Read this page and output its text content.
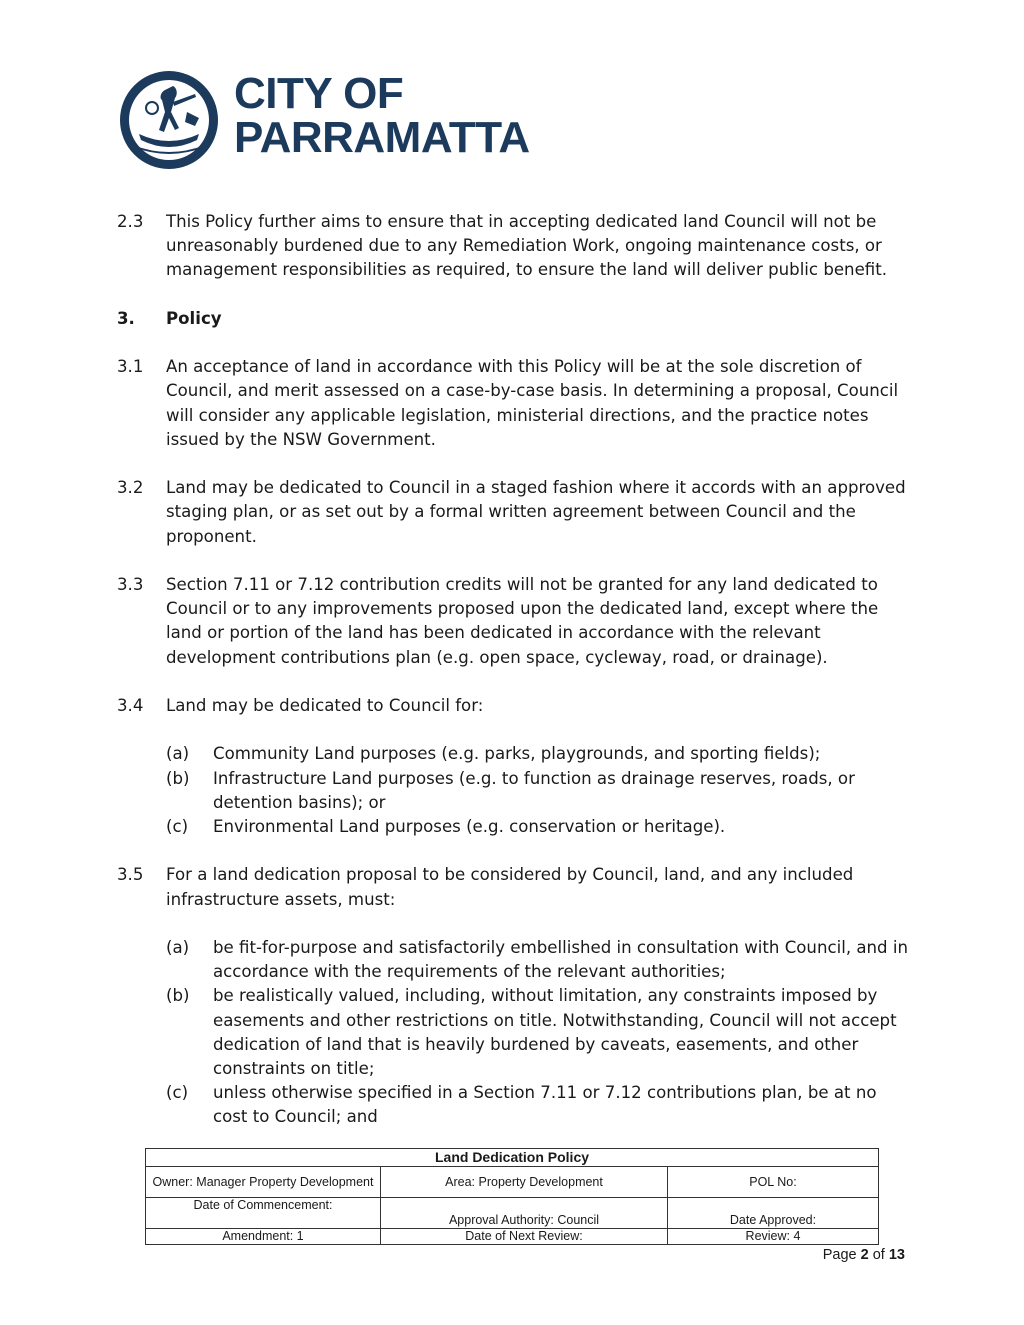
CITY OF
PARRAMATTA
2.3 This Policy further aims to ensure that in accepting dedicated land Council will not be unreasonably burdened due to any Remediation Work, ongoing maintenance costs, or management responsibilities as required, to ensure the land will deliver public benefit.
3. Policy
3.1 An acceptance of land in accordance with this Policy will be at the sole discretion of Council, and merit assessed on a case-by-case basis. In determining a proposal, Council will consider any applicable legislation, ministerial directions, and the practice notes issued by the NSW Government.
3.2 Land may be dedicated to Council in a staged fashion where it accords with an approved staging plan, or as set out by a formal written agreement between Council and the proponent.
3.3 Section 7.11 or 7.12 contribution credits will not be granted for any land dedicated to Council or to any improvements proposed upon the dedicated land, except where the land or portion of the land has been dedicated in accordance with the relevant development contributions plan (e.g. open space, cycleway, road, or drainage).
3.4 Land may be dedicated to Council for:
(a) Community Land purposes (e.g. parks, playgrounds, and sporting fields);
(b) Infrastructure Land purposes (e.g. to function as drainage reserves, roads, or detention basins); or
(c) Environmental Land purposes (e.g. conservation or heritage).
3.5 For a land dedication proposal to be considered by Council, land, and any included infrastructure assets, must:
(a) be fit-for-purpose and satisfactorily embellished in consultation with Council, and in accordance with the requirements of the relevant authorities;
(b) be realistically valued, including, without limitation, any constraints imposed by easements and other restrictions on title. Notwithstanding, Council will not accept dedication of land that is heavily burdened by caveats, easements, and other constraints on title;
(c) unless otherwise specified in a Section 7.11 or 7.12 contributions plan, be at no cost to Council; and
Land Dedication Policy		
Owner: Manager Property Development	Area: Property Development	POL No:
Date of Commencement:	Approval Authority: Council	Date Approved:
Amendment: 1	Date of Next Review:	Review: 4
Page 2 of 13
